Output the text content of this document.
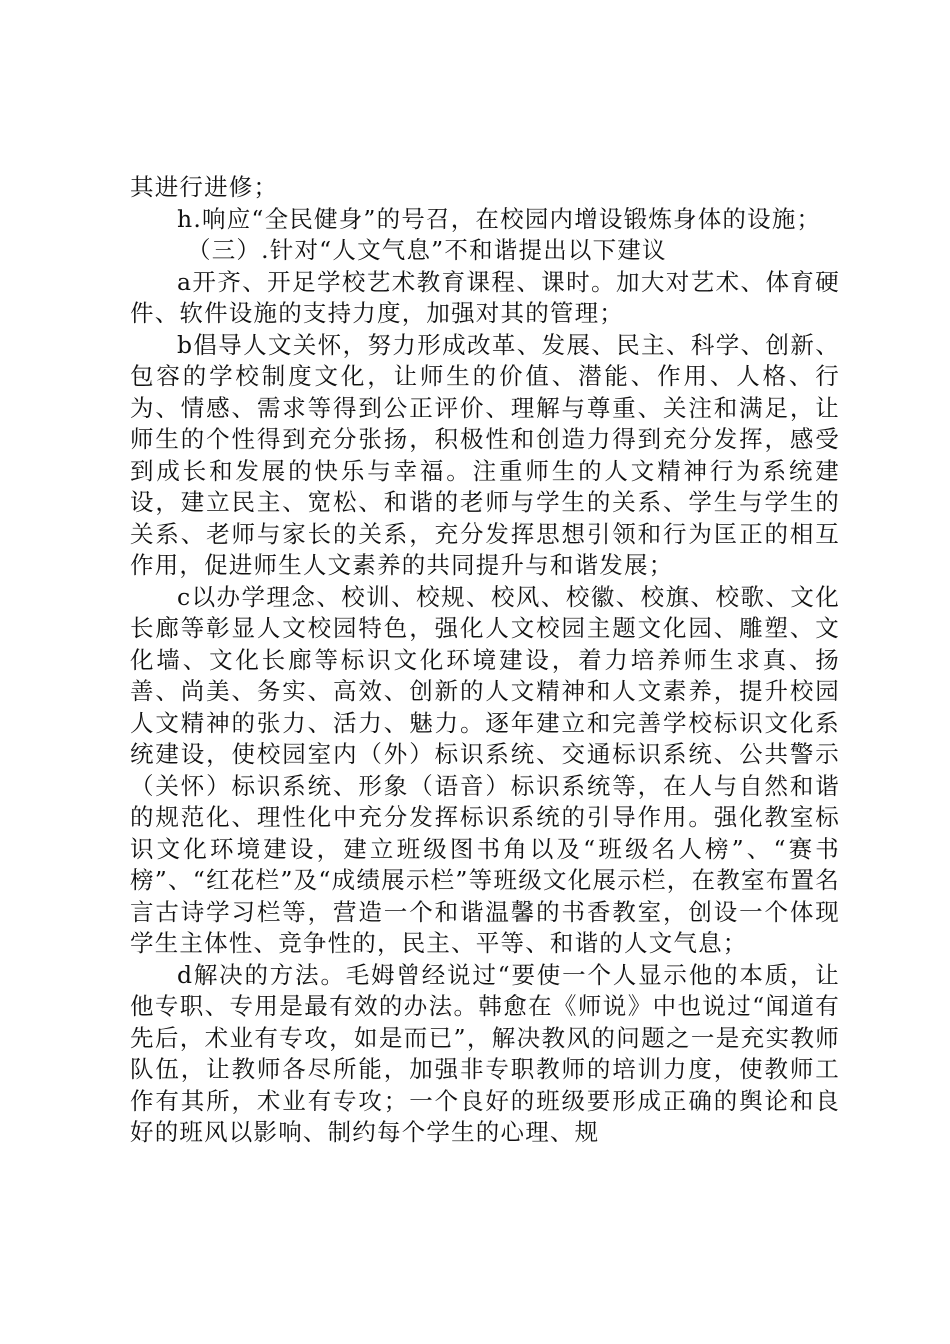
其进行进修；

h.响应“全民健身”的号召，在校园内增设锻炼身体的设施；

（三）.针对“人文气息”不和谐提出以下建议

a开齐、开足学校艺术教育课程、课时。加大对艺术、体育硬件、软件设施的支持力度，加强对其的管理；

b倡导人文关怀，努力形成改革、发展、民主、科学、创新、包容的学校制度文化，让师生的价值、潜能、作用、人格、行为、情感、需求等得到公正评价、理解与尊重、关注和满足，让师生的个性得到充分张扬，积极性和创造力得到充分发挥，感受到成长和发展的快乐与幸福。注重师生的人文精神行为系统建设，建立民主、宽松、和谐的老师与学生的关系、学生与学生的关系、老师与家长的关系，充分发挥思想引领和行为匡正的相互作用，促进师生人文素养的共同提升与和谐发展；

c以办学理念、校训、校规、校风、校徽、校旗、校歌、文化长廊等彰显人文校园特色，强化人文校园主题文化园、雕塑、文化墙、文化长廊等标识文化环境建设，着力培养师生求真、扬善、尚美、务实、高效、创新的人文精神和人文素养，提升校园人文精神的张力、活力、魅力。逐年建立和完善学校标识文化系统建设，使校园室内（外）标识系统、交通标识系统、公共警示（关怀）标识系统、形象（语音）标识系统等，在人与自然和谐的规范化、理性化中充分发挥标识系统的引导作用。强化教室标识文化环境建设，建立班级图书角以及“班级名人榜”、“赛书榜”、“红花栏”及“成绩展示栏”等班级文化展示栏，在教室布置名言古诗学习栏等，营造一个和谐温馨的书香教室，创设一个体现学生主体性、竞争性的，民主、平等、和谐的人文气息；

d解决的方法。毛姆曾经说过“要使一个人显示他的本质，让他专职、专用是最有效的办法。韩愈在《师说》中也说过“闻道有先后，术业有专攻，如是而已”，解决教风的问题之一是充实教师队伍，让教师各尽所能，加强非专职教师的培训力度，使教师工作有其所，术业有专攻；一个良好的班级要形成正确的舆论和良好的班风以影响、制约每个学生的心理、规
